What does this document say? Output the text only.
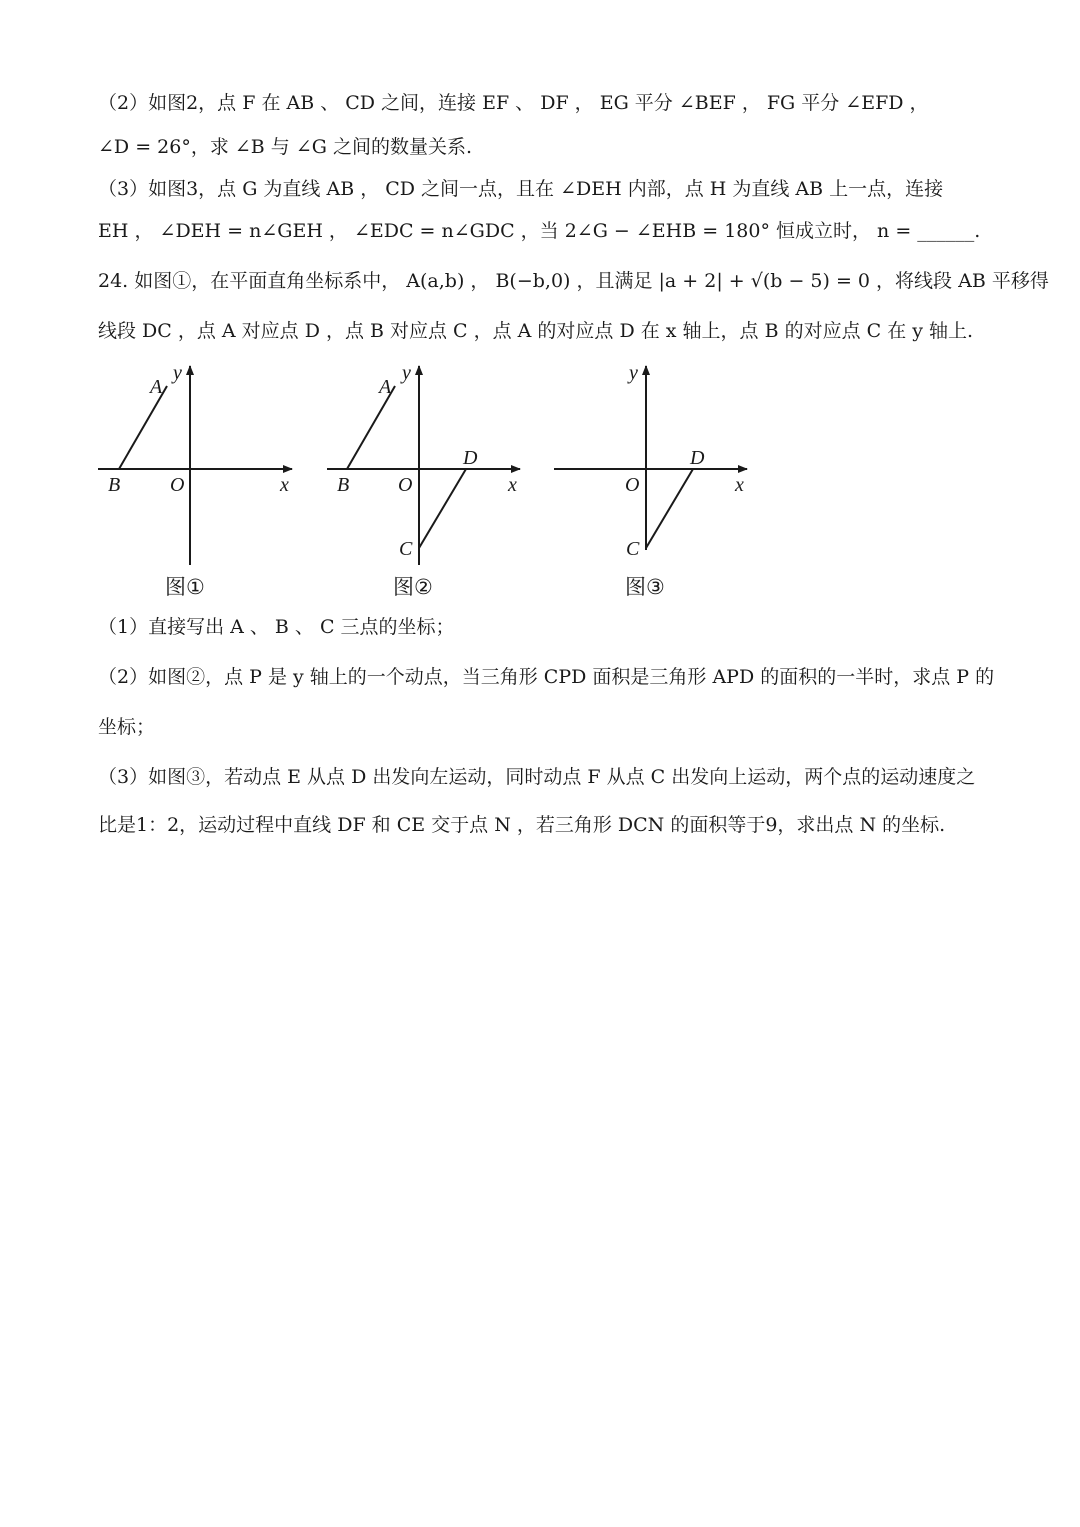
（2）如图2，点 F 在 AB 、 CD 之间，连接 EF 、 DF ， EG 平分 ∠BEF ， FG 平分 ∠EFD ，
∠D = 26°，求 ∠B 与 ∠G 之间的数量关系.
（3）如图3，点 G 为直线 AB ， CD 之间一点，且在 ∠DEH 内部，点 H 为直线 AB 上一点，连接
EH ， ∠DEH = n∠GEH ， ∠EDC = n∠GDC ，当 2∠G − ∠EHB = 180° 恒成立时， n = ______.
24. 如图①，在平面直角坐标系中， A(a,b) ， B(−b,0) ，且满足 |a + 2| + √(b − 5) = 0 ，将线段 AB 平移得
线段 DC ，点 A 对应点 D ，点 B 对应点 C ，点 A 的对应点 D 在 x 轴上，点 B 的对应点 C 在 y 轴上.
A
B O	x
y
图①
A
B O
D
C
x
y
图②
O
D
C
x
y
图③
（1）直接写出 A 、 B 、 C 三点的坐标；
（2）如图②，点 P 是 y 轴上的一个动点，当三角形 CPD 面积是三角形 APD 的面积的一半时，求点 P 的
坐标；
（3）如图③，若动点 E 从点 D 出发向左运动，同时动点 F 从点 C 出发向上运动，两个点的运动速度之
比是1：2，运动过程中直线 DF 和 CE 交于点 N ，若三角形 DCN 的面积等于9，求出点 N 的坐标.
